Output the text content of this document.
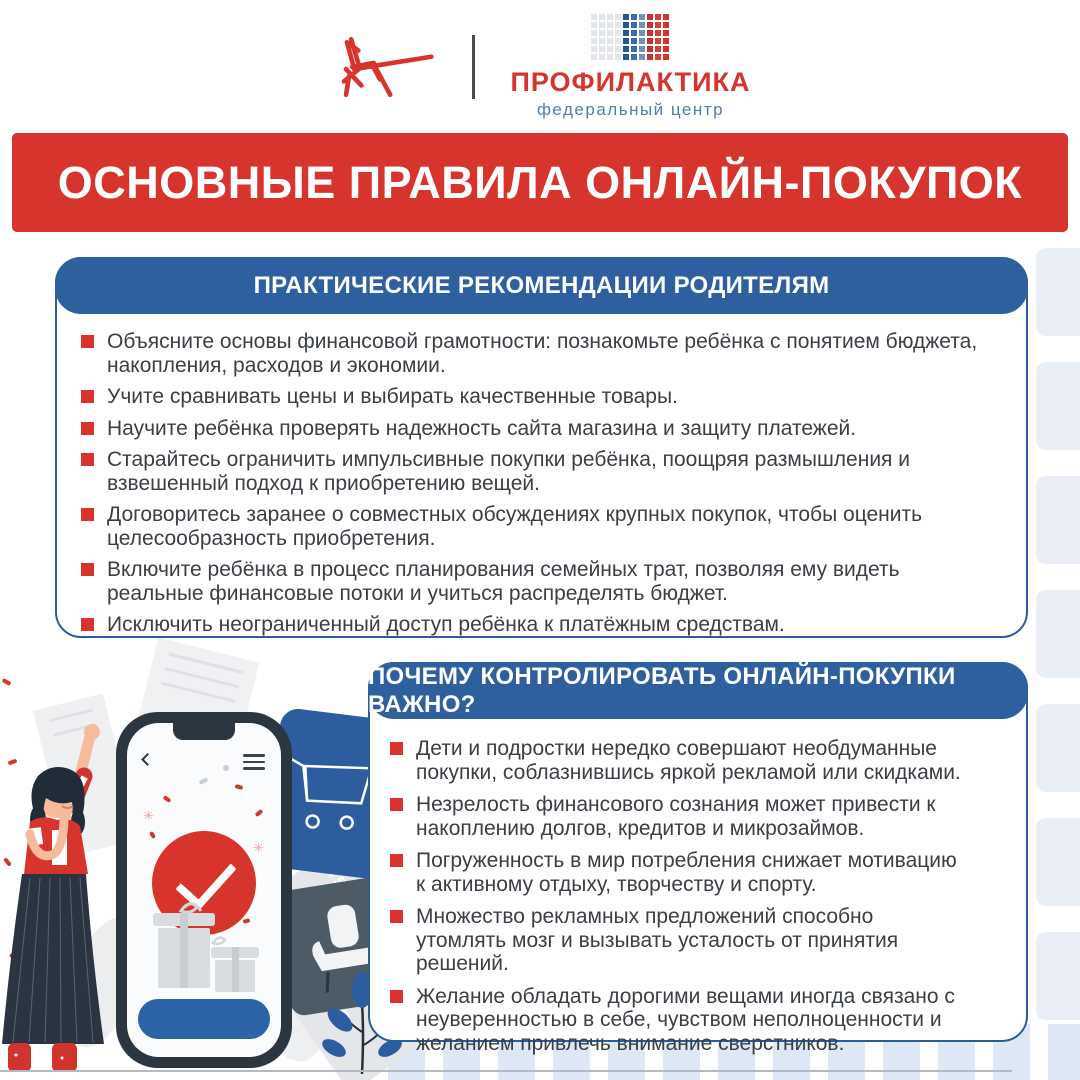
ПРОФИЛАКТИКА
федеральный центр
ОСНОВНЫЕ ПРАВИЛА ОНЛАЙН-ПОКУПОК
✳
✳
ПРАКТИЧЕСКИЕ РЕКОМЕНДАЦИИ РОДИТЕЛЯМ
Объясните основы финансовой грамотности: познакомьте ребёнка с понятием бюджета, накопления, расходов и экономии.
Учите сравнивать цены и выбирать качественные товары.
Научите ребёнка проверять надежность сайта магазина и защиту платежей.
Старайтесь ограничить импульсивные покупки ребёнка, поощряя размышления и взвешенный подход к приобретению вещей.
Договоритесь заранее о совместных обсуждениях крупных покупок, чтобы оценить целесообразность приобретения.
Включите ребёнка в процесс планирования семейных трат, позволяя ему видеть реальные финансовые потоки и учиться распределять бюджет.
Исключить неограниченный доступ ребёнка к платёжным средствам.
ПОЧЕМУ КОНТРОЛИРОВАТЬ ОНЛАЙН-ПОКУПКИ ВАЖНО?
Дети и подростки нередко совершают необдуманные покупки, соблазнившись яркой рекламой или скидками.
Незрелость финансового сознания может привести к накоплению долгов, кредитов и микрозаймов.
Погруженность в мир потребления снижает мотивацию к активному отдыху, творчеству и спорту.
Множество рекламных предложений способно утомлять мозг и вызывать усталость от принятия решений.
Желание обладать дорогими вещами иногда связано с неуверенностью в себе, чувством неполноценности и желанием привлечь внимание сверстников.
